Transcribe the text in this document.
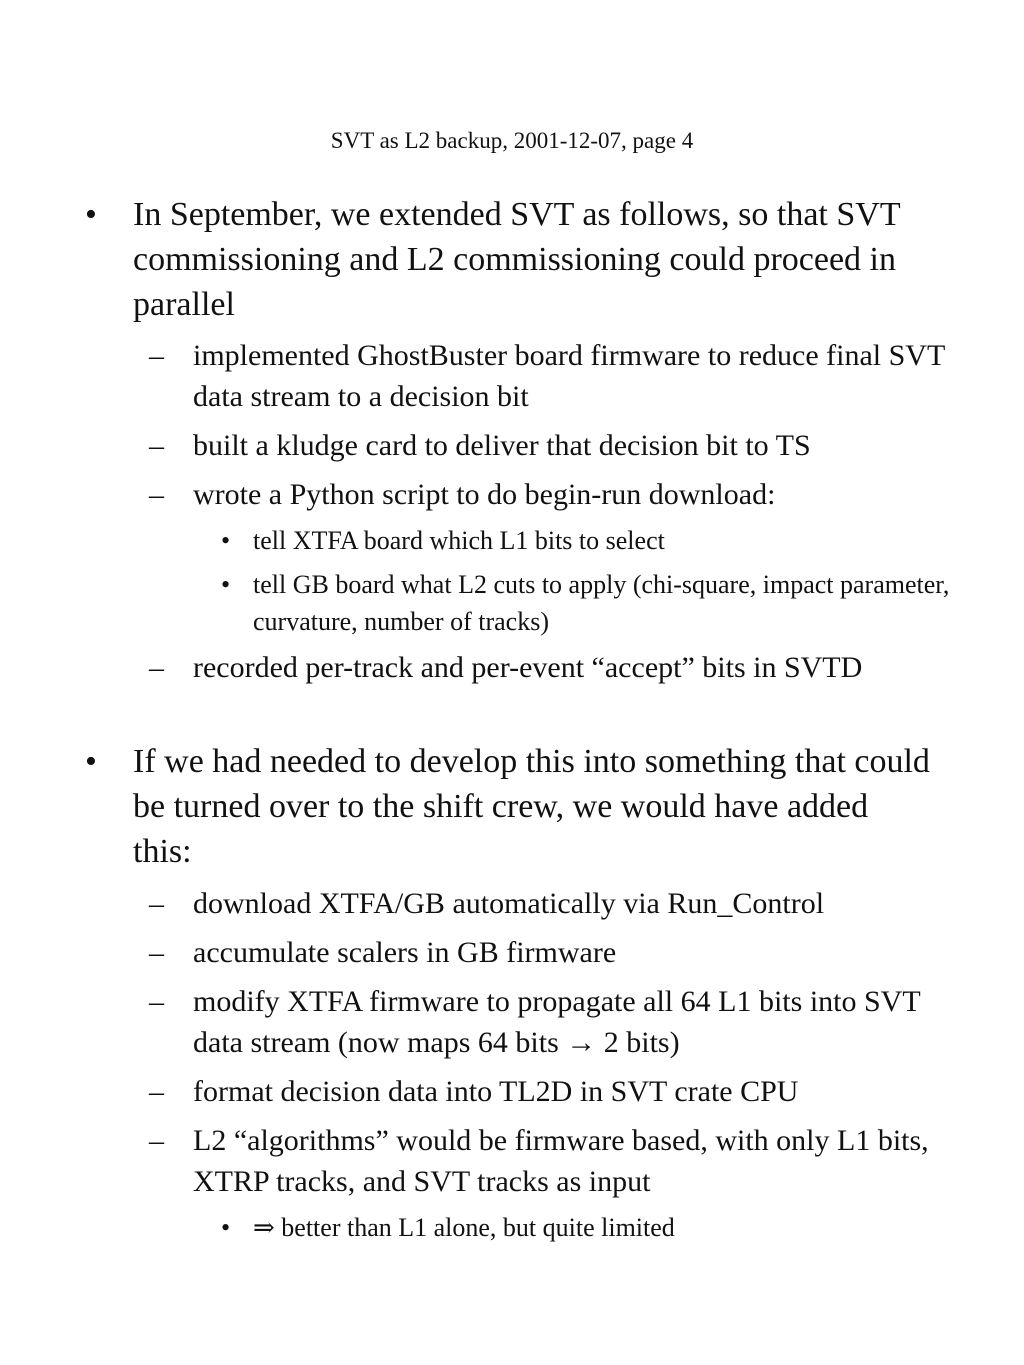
SVT as L2 backup, 2001-12-07, page 4
• In September, we extended SVT as follows, so that SVT commissioning and L2 commissioning could proceed in parallel
– implemented GhostBuster board firmware to reduce final SVT data stream to a decision bit
– built a kludge card to deliver that decision bit to TS
– wrote a Python script to do begin-run download:
• tell XTFA board which L1 bits to select
• tell GB board what L2 cuts to apply (chi-square, impact parameter, curvature, number of tracks)
– recorded per-track and per-event “accept” bits in SVTD
• If we had needed to develop this into something that could be turned over to the shift crew, we would have added this:
– download XTFA/GB automatically via Run_Control
– accumulate scalers in GB firmware
– modify XTFA firmware to propagate all 64 L1 bits into SVT data stream (now maps 64 bits → 2 bits)
– format decision data into TL2D in SVT crate CPU
– L2 “algorithms” would be firmware based, with only L1 bits, XTRP tracks, and SVT tracks as input
• ⇒ better than L1 alone, but quite limited
